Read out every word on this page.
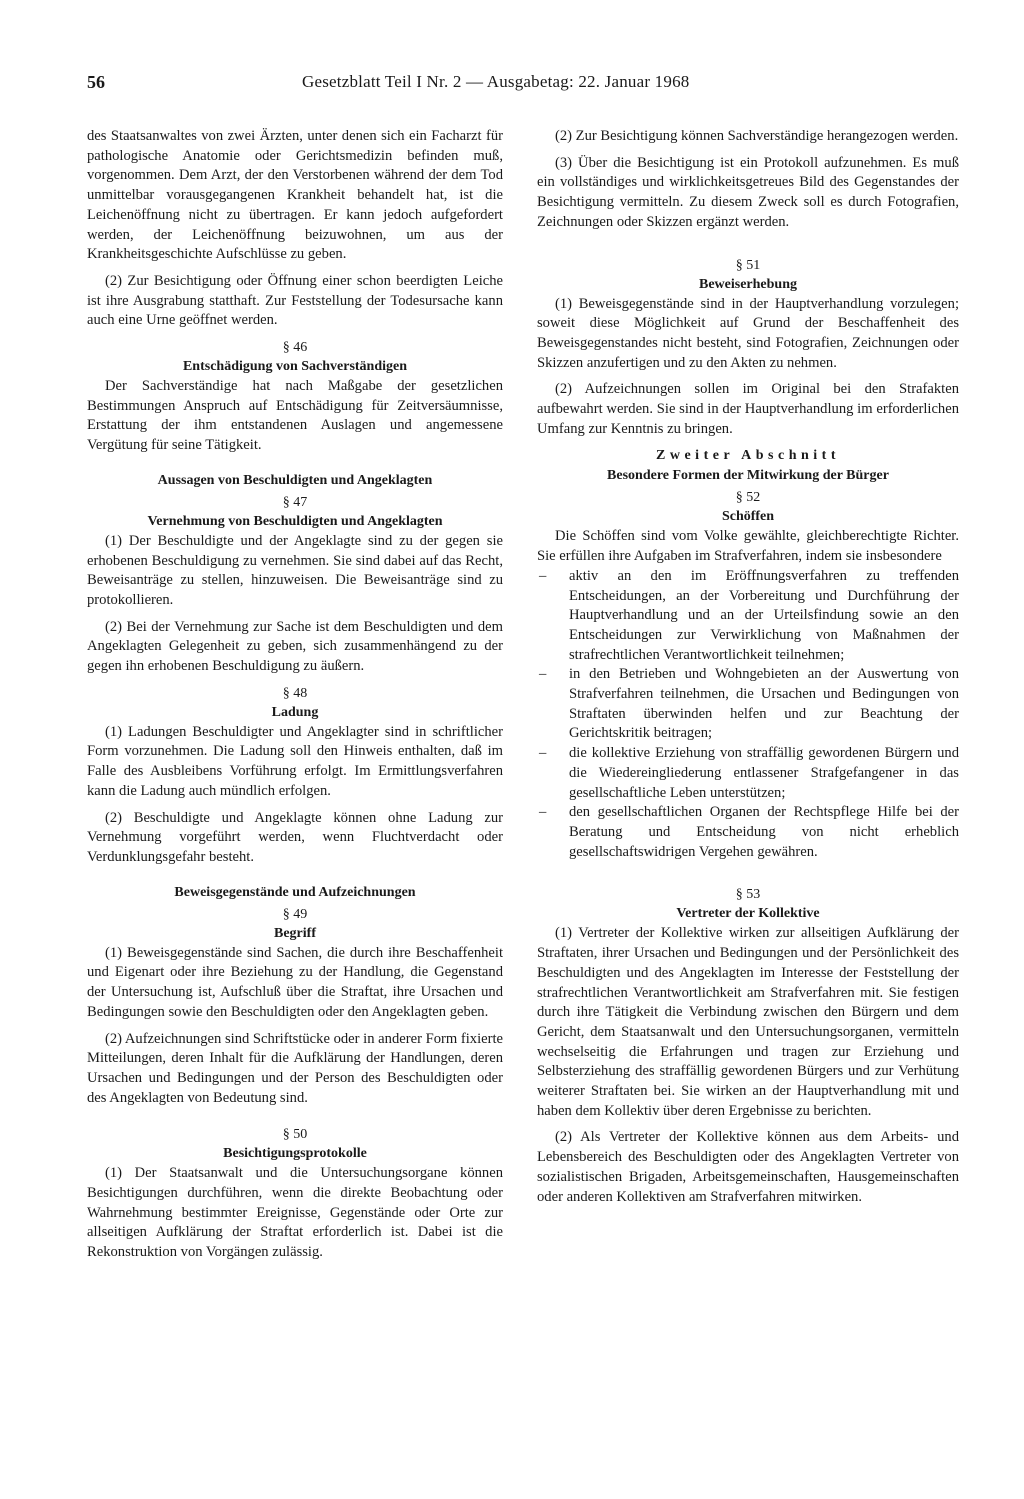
56	Gesetzblatt Teil I Nr. 2 — Ausgabetag: 22. Januar 1968

des Staatsanwaltes von zwei Ärzten, unter denen sich ein Facharzt für pathologische Anatomie oder Gerichtsmedizin befinden muß, vorgenommen. Dem Arzt, der den Verstorbenen während der dem Tod unmittelbar vorausgegangenen Krankheit behandelt hat, ist die Leichenöffnung nicht zu übertragen. Er kann jedoch aufgefordert werden, der Leichenöffnung beizuwohnen, um aus der Krankheitsgeschichte Aufschlüsse zu geben.

(2) Zur Besichtigung oder Öffnung einer schon beerdigten Leiche ist ihre Ausgrabung statthaft. Zur Feststellung der Todesursache kann auch eine Urne geöffnet werden.

§ 46
Entschädigung von Sachverständigen

Der Sachverständige hat nach Maßgabe der gesetzlichen Bestimmungen Anspruch auf Entschädigung für Zeitversäumnisse, Erstattung der ihm entstandenen Auslagen und angemessene Vergütung für seine Tätigkeit.

Aussagen von Beschuldigten und Angeklagten
§ 47
Vernehmung von Beschuldigten und Angeklagten

(1) Der Beschuldigte und der Angeklagte sind zu der gegen sie erhobenen Beschuldigung zu vernehmen. Sie sind dabei auf das Recht, Beweisanträge zu stellen, hinzuweisen. Die Beweisanträge sind zu protokollieren.

(2) Bei der Vernehmung zur Sache ist dem Beschuldigten und dem Angeklagten Gelegenheit zu geben, sich zusammenhängend zu der gegen ihn erhobenen Beschuldigung zu äußern.

§ 48
Ladung

(1) Ladungen Beschuldigter und Angeklagter sind in schriftlicher Form vorzunehmen. Die Ladung soll den Hinweis enthalten, daß im Falle des Ausbleibens Vorführung erfolgt. Im Ermittlungsverfahren kann die Ladung auch mündlich erfolgen.

(2) Beschuldigte und Angeklagte können ohne Ladung zur Vernehmung vorgeführt werden, wenn Fluchtverdacht oder Verdunklungsgefahr besteht.

Beweisgegenstände und Aufzeichnungen
§ 49
Begriff

(1) Beweisgegenstände sind Sachen, die durch ihre Beschaffenheit und Eigenart oder ihre Beziehung zu der Handlung, die Gegenstand der Untersuchung ist, Aufschluß über die Straftat, ihre Ursachen und Bedingungen sowie den Beschuldigten oder den Angeklagten geben.

(2) Aufzeichnungen sind Schriftstücke oder in anderer Form fixierte Mitteilungen, deren Inhalt für die Aufklärung der Handlungen, deren Ursachen und Bedingungen und der Person des Beschuldigten oder des Angeklagten von Bedeutung sind.

§ 50
Besichtigungsprotokolle

(1) Der Staatsanwalt und die Untersuchungsorgane können Besichtigungen durchführen, wenn die direkte Beobachtung oder Wahrnehmung bestimmter Ereignisse, Gegenstände oder Orte zur allseitigen Aufklärung der Straftat erforderlich ist. Dabei ist die Rekonstruktion von Vorgängen zulässig.

(2) Zur Besichtigung können Sachverständige herangezogen werden.

(3) Über die Besichtigung ist ein Protokoll aufzunehmen. Es muß ein vollständiges und wirklichkeitsgetreues Bild des Gegenstandes der Besichtigung vermitteln. Zu diesem Zweck soll es durch Fotografien, Zeichnungen oder Skizzen ergänzt werden.

§ 51
Beweiserhebung

(1) Beweisgegenstände sind in der Hauptverhandlung vorzulegen; soweit diese Möglichkeit auf Grund der Beschaffenheit des Beweisgegenstandes nicht besteht, sind Fotografien, Zeichnungen oder Skizzen anzufertigen und zu den Akten zu nehmen.

(2) Aufzeichnungen sollen im Original bei den Strafakten aufbewahrt werden. Sie sind in der Hauptverhandlung im erforderlichen Umfang zur Kenntnis zu bringen.

Zweiter Abschnitt
Besondere Formen der Mitwirkung der Bürger
§ 52
Schöffen

Die Schöffen sind vom Volke gewählte, gleichberechtigte Richter. Sie erfüllen ihre Aufgaben im Strafverfahren, indem sie insbesondere

– aktiv an den im Eröffnungsverfahren zu treffenden Entscheidungen, an der Vorbereitung und Durchführung der Hauptverhandlung und an der Urteilsfindung sowie an den Entscheidungen zur Verwirklichung von Maßnahmen der strafrechtlichen Verantwortlichkeit teilnehmen;
– in den Betrieben und Wohngebieten an der Auswertung von Strafverfahren teilnehmen, die Ursachen und Bedingungen von Straftaten überwinden helfen und zur Beachtung der Gerichtskritik beitragen;
– die kollektive Erziehung von straffällig gewordenen Bürgern und die Wiedereingliederung entlassener Strafgefangener in das gesellschaftliche Leben unterstützen;
– den gesellschaftlichen Organen der Rechtspflege Hilfe bei der Beratung und Entscheidung von nicht erheblich gesellschaftswidrigen Vergehen gewähren.
§ 53
Vertreter der Kollektive

(1) Vertreter der Kollektive wirken zur allseitigen Aufklärung der Straftaten, ihrer Ursachen und Bedingungen und der Persönlichkeit des Beschuldigten und des Angeklagten im Interesse der Feststellung der strafrechtlichen Verantwortlichkeit am Strafverfahren mit. Sie festigen durch ihre Tätigkeit die Verbindung zwischen den Bürgern und dem Gericht, dem Staatsanwalt und den Untersuchungsorganen, vermitteln wechselseitig die Erfahrungen und tragen zur Erziehung und Selbsterziehung des straffällig gewordenen Bürgers und zur Verhütung weiterer Straftaten bei. Sie wirken an der Hauptverhandlung mit und haben dem Kollektiv über deren Ergebnisse zu berichten.

(2) Als Vertreter der Kollektive können aus dem Arbeits- und Lebensbereich des Beschuldigten oder des Angeklagten Vertreter von sozialistischen Brigaden, Arbeitsgemeinschaften, Hausgemeinschaften oder anderen Kollektiven am Strafverfahren mitwirken.
